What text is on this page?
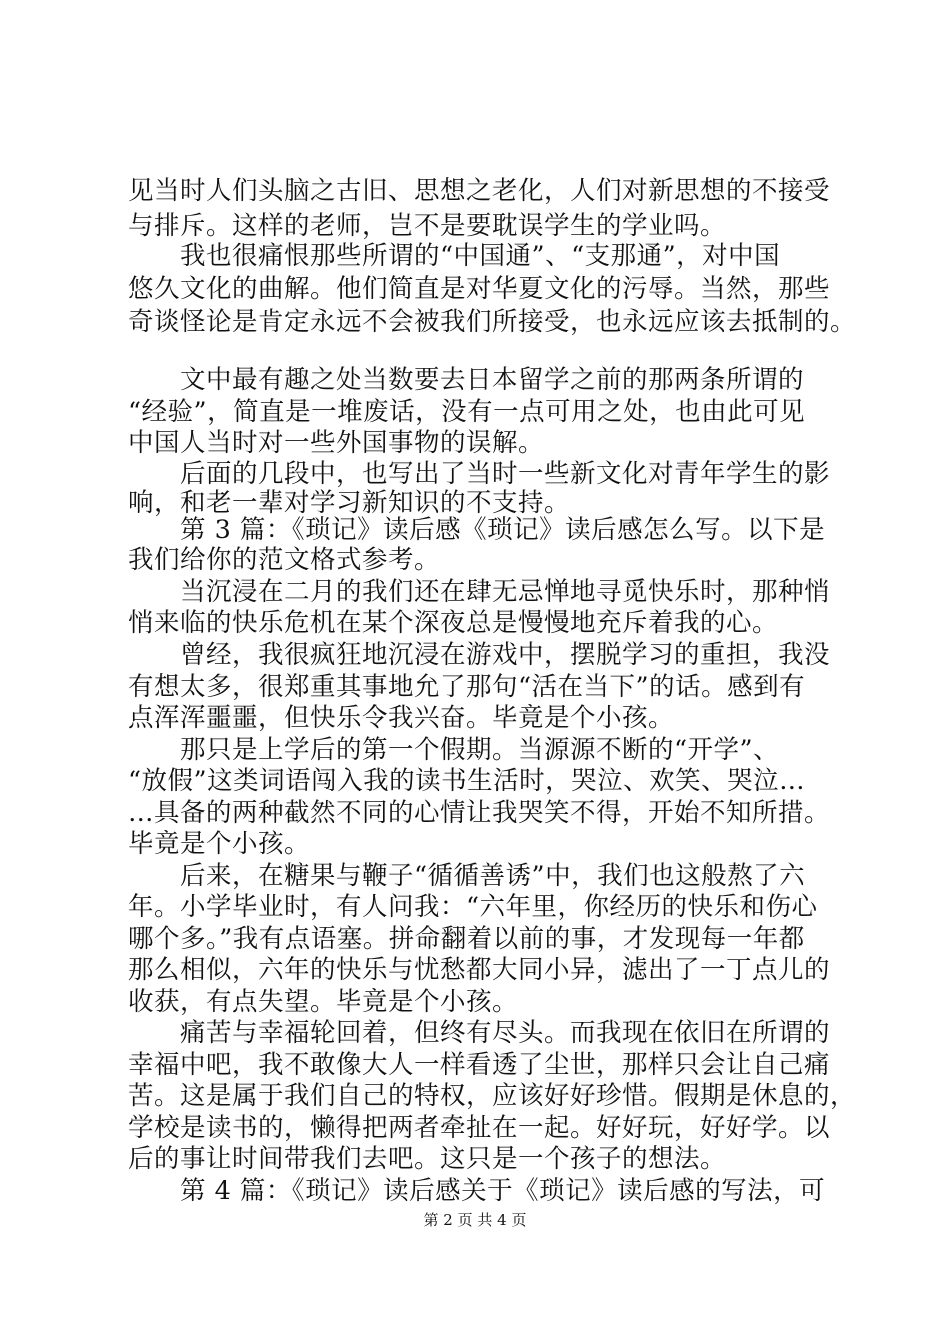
见当时人们头脑之古旧、思想之老化，人们对新思想的不接受
与排斥。这样的老师，岂不是要耽误学生的学业吗。
　　我也很痛恨那些所谓的“中国通”、“支那通”，对中国
悠久文化的曲解。他们简直是对华夏文化的污辱。当然，那些
奇谈怪论是肯定永远不会被我们所接受，也永远应该去抵制的。
　　文中最有趣之处当数要去日本留学之前的那两条所谓的
“经验”，简直是一堆废话，没有一点可用之处，也由此可见
中国人当时对一些外国事物的误解。
　　后面的几段中，也写出了当时一些新文化对青年学生的影
响，和老一辈对学习新知识的不支持。
　　第 3 篇：《琐记》读后感《琐记》读后感怎么写。以下是
我们给你的范文格式参考。
　　当沉浸在二月的我们还在肆无忌惮地寻觅快乐时，那种悄
悄来临的快乐危机在某个深夜总是慢慢地充斥着我的心。
　　曾经，我很疯狂地沉浸在游戏中，摆脱学习的重担，我没
有想太多，很郑重其事地允了那句“活在当下”的话。感到有
点浑浑噩噩，但快乐令我兴奋。毕竟是个小孩。
　　那只是上学后的第一个假期。当源源不断的“开学”、
“放假”这类词语闯入我的读书生活时，哭泣、欢笑、哭泣…
…具备的两种截然不同的心情让我哭笑不得，开始不知所措。
毕竟是个小孩。
　　后来，在糖果与鞭子“循循善诱”中，我们也这般熬了六
年。小学毕业时，有人问我：“六年里，你经历的快乐和伤心
哪个多。”我有点语塞。拼命翻着以前的事，才发现每一年都
那么相似，六年的快乐与忧愁都大同小异，滤出了一丁点儿的
收获，有点失望。毕竟是个小孩。
　　痛苦与幸福轮回着，但终有尽头。而我现在依旧在所谓的
幸福中吧，我不敢像大人一样看透了尘世，那样只会让自己痛
苦。这是属于我们自己的特权，应该好好珍惜。假期是休息的，
学校是读书的，懒得把两者牵扯在一起。好好玩，好好学。以
后的事让时间带我们去吧。这只是一个孩子的想法。
　　第 4 篇：《琐记》读后感关于《琐记》读后感的写法，可
第 2 页 共 4 页
